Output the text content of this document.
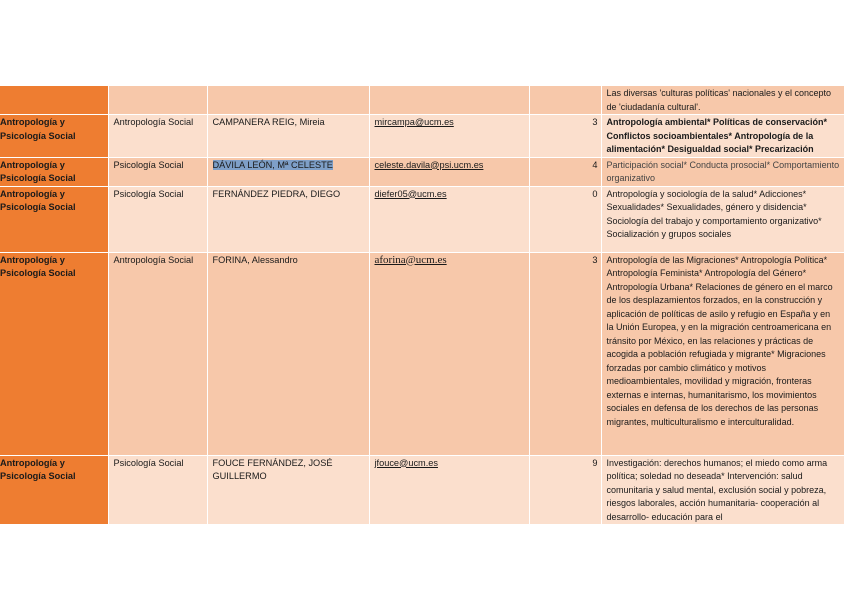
					Las diversas 'culturas políticas' nacionales y el concepto de 'ciudadanía cultural'.
Antropología y Psicología Social	Antropología Social	CAMPANERA REIG, Mireia	mircampa@ucm.es	3	Antropología ambiental* Políticas de conservación* Conflictos socioambientales* Antropología de la alimentación* Desigualdad social* Precarización
Antropología y Psicología Social	Psicología Social	DÁVILA LEÓN, Mª CELESTE	celeste.davila@psi.ucm.es	4	Participación social* Conducta prosocial* Comportamiento organizativo
Antropología y Psicología Social	Psicología Social	FERNÁNDEZ PIEDRA, DIEGO	diefer05@ucm.es	0	Antropología y sociología de la salud* Adicciones* Sexualidades* Sexualidades, género y disidencia* Sociología del trabajo y comportamiento organizativo* Socialización y grupos sociales
Antropología y Psicología Social	Antropología Social	FORINA, Alessandro	aforina@ucm.es	3	Antropología de las Migraciones* Antropología Política* Antropología Feminista* Antropología del Género* Antropología Urbana* Relaciones de género en el marco de los desplazamientos forzados, en la construcción y aplicación de políticas de asilo y refugio en España y en la Unión Europea, y en la migración centroamericana en tránsito por México, en las relaciones y prácticas de acogida a población refugiada y migrante* Migraciones forzadas por cambio climático y motivos medioambientales, movilidad y migración, fronteras externas e internas, humanitarismo, los movimientos sociales en defensa de los derechos de las personas migrantes, multiculturalismo e interculturalidad.
Antropología y Psicología Social	Psicología Social	FOUCE FERNÁNDEZ, JOSÉ GUILLERMO	jfouce@ucm.es	9	Investigación: derechos humanos; el miedo como arma política; soledad no deseada* Intervención: salud comunitaria y salud mental, exclusión social y pobreza, riesgos laborales, acción humanitaria- cooperación al desarrollo- educación para el
